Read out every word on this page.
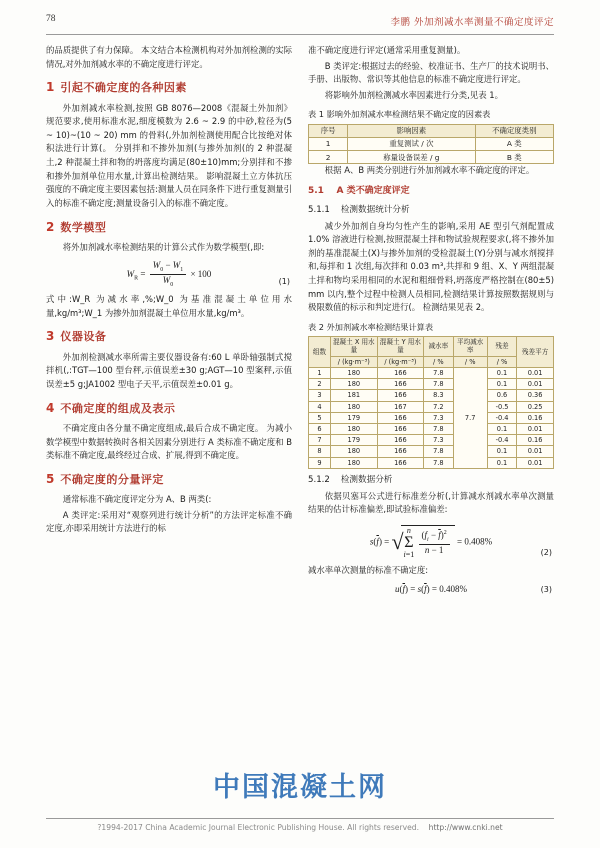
78	李鹏 外加剂减水率测量不确定度评定

的品质提供了有力保障。 本文结合本检测机构对外加剂检测的实际情况,对外加剂减水率的不确定度进行评定。

1 引起不确定度的各种因素

外加剂减水率检测,按照 GB 8076—2008《混凝土外加剂》规范要求,使用标准水泥,细度模数为 2.6 ~ 2.9 的中砂,粒径为(5 ~ 10)~(10 ~ 20) mm 的骨料(,外加剂检测使用配合比按绝对体积法进行计算(。 分别拌和不掺外加剂(与掺外加剂(的 2 种混凝土,2 种混凝土拌和物的坍落度均满足(80±10)mm;分别拌和不掺和掺外加剂单位用水量,计算出检测结果。 影响混凝土立方体抗压强度的不确定度主要因素包括:测量人员在同条件下进行重复测量引入的标准不确定度;测量设备引入的标准不确定度。

2 数学模型

将外加剂减水率检测结果的计算公式作为数学模型(,即:

$W_R = \frac{W_0 - W_1}{W_0} \times 100$
(1)

式中:W_R 为减水率,%;W_0 为基准混凝土单位用水量,kg/m³;W_1 为掺外加剂混凝土单位用水量,kg/m³。

3 仪器设备

外加剂检测减水率所需主要仪器设备有:60 L 单卧轴强制式搅拌机(,:TGT—100 型台秤,示值误差±30 g;AGT—10 型案秤,示值误差±5 g;JA1002 型电子天平,示值误差±0.01 g。

4 不确定度的组成及表示

不确定度由各分量不确定度组成,最后合成不确定度。 为减小数学模型中数据转换时各相关因素分别进行 A 类标准不确定度和 B 类标准不确定度,最终经过合成、扩展,得到不确定度。

5 不确定度的分量评定

通常标准不确定度评定分为 A、B 两类(:

A 类评定:采用对“观察列进行统计分析”的方法评定标准不确定度,亦即采用统计方法进行的标

准不确定度进行评定(通常采用重复测量)。

B 类评定:根据过去的经验、校准证书、生产厂的技术说明书、手册、出版物、常识等其他信息的标准不确定度进行评定。

将影响外加剂检测减水率因素进行分类,见表 1。

表 1 影响外加剂减水率检测结果不确定度的因素表
序号	影响因素	不确定度类别
1	重复测试 / 次	A 类
2	称量设备误差 / g	B 类

根据 A、B 两类分别进行外加剂减水率不确定度的评定。

5.1 A 类不确定度评定
5.1.1 检测数据统计分析

减少外加剂自身均匀性产生的影响,采用 AE 型引气剂配置成 1.0% 溶液进行检测,按照混凝土拌和物试验规程要求(,将不掺外加剂的基准混凝土(X)与掺外加剂的受检混凝土(Y)分别与减水剂搅拌和,每拌和 1 次组,每次拌和 0.03 m³,共拌和 9 组、X、Y 两组混凝土拌和物均采用相同的水泥和粗细骨料,坍落度严格控制在(80±5) mm 以内,整个过程中检测人员相同,检测结果计算按照数据规则与极限数值的标示和判定进行(。 检测结果见表 2。

表 2 外加剂减水率检测结果计算表
组数	混凝土 X 用水量	混凝土 Y 用水量	减水率	平均减水率	残差	残差平方
	/ (kg·m⁻³)	/ (kg·m⁻³)	/ %	/ %	/ %	
1	180	166	7.8	7.7	0.1	0.01
2	180	166	7.8		0.1	0.01
3	181	166	8.3		0.6	0.36
4	180	167	7.2		-0.5	0.25
5	179	166	7.3		-0.4	0.16
6	180	166	7.8		0.1	0.01
7	179	166	7.3		-0.4	0.16
8	180	166	7.8		0.1	0.01
9	180	166	7.8		0.1	0.01
5.1.2 检测数据分析

依据贝塞耳公式进行标准差分析(,计算减水剂减水率单次测量结果的估计标准偏差,即试验标准偏差:

$s(\overline{f})$ = √ n
Σ
i=1
$\frac{(f_i - \overline{f})^2}{n - 1} = 0.408\%$
(2)

减水率单次测量的标准不确定度:

$u(\overline{f}) = s(\overline{f}) = 0.408\%$	(3)
中国混凝土网
?1994-2017 China Academic Journal Electronic Publishing House. All rights reserved. http://www.cnki.net
